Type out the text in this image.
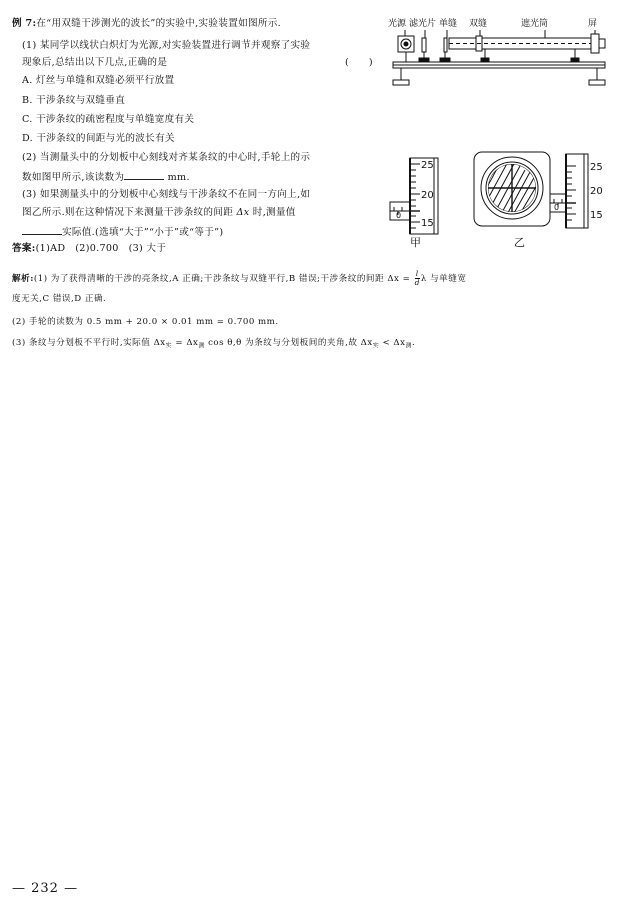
例 7:在“用双缝干涉测光的波长”的实验中,实验装置如图所示.
(1) 某同学以线状白炽灯为光源,对实验装置进行调节并观察了实验
现象后,总结出以下几点,正确的是	(　　)
A. 灯丝与单缝和双缝必须平行放置
B. 干涉条纹与双缝垂直
C. 干涉条纹的疏密程度与单缝宽度有关
D. 干涉条纹的间距与光的波长有关
(2) 当测量头中的分划板中心刻线对齐某条纹的中心时,手轮上的示
数如图甲所示,该读数为	mm.
(3) 如果测量头中的分划板中心刻线与干涉条纹不在同一方向上,如
图乙所示.则在这种情况下来测量干涉条纹的间距 Δx 时,测量值
实际值.(选填“大于”“小于”或“等于”)
答案:(1)AD　(2)0.700　(3) 大于
解析:(1) 为了获得清晰的干涉的亮条纹,A 正确;干涉条纹与双缝平行,B 错误;干涉条纹的间距 $\Delta x = \frac{l}{d}$ λ 与单缝宽
度无关,C 错误,D 正确.
(2) 手轮的读数为 0.5 mm + 20.0 × 0.01 mm = 0.700 mm.
(3) 条纹与分划板不平行时,实际值 $\Delta x_实 = \Delta x_测$ cos θ,θ 为条纹与分划板间的夹角,故 $\Delta x_实 < \Delta x_测$.
光源 滤光片 单缝 双缝	遮光筒	屏
25
20
15
0
甲
25
20
15
0
乙
— 232 —
